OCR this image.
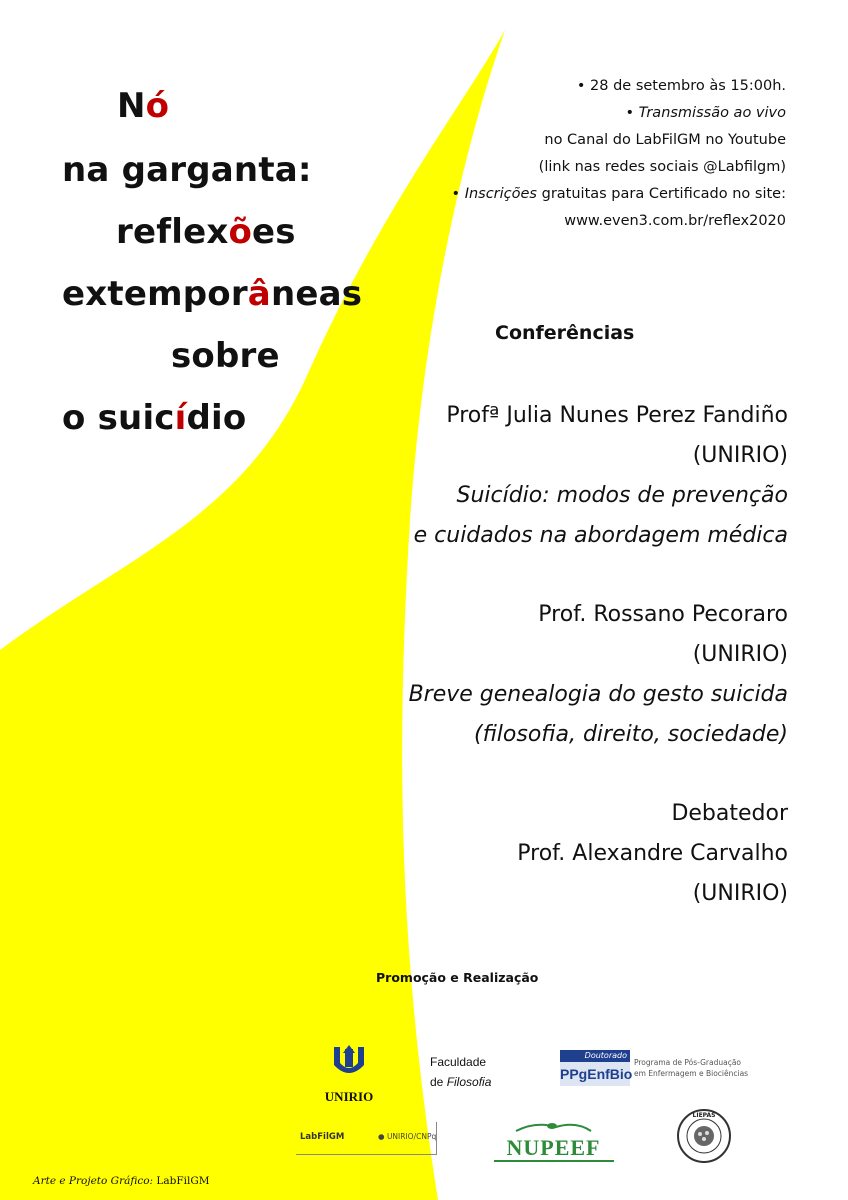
Nó
na garganta:
reflexões
extemporâneas
sobre
o suicídio
• 28 de setembro às 15:00h.
• Transmissão ao vivo
no Canal do LabFilGM no Youtube
(link nas redes sociais @Labfilgm)
• Inscrições gratuitas para Certificado no site:
www.even3.com.br/reflex2020
Conferências
Profª Julia Nunes Perez Fandiño
(UNIRIO)
Suicídio: modos de prevenção
e cuidados na abordagem médica
Prof. Rossano Pecoraro
(UNIRIO)
Breve genealogia do gesto suicida
(filosofia, direito, sociedade)
Debatedor
Prof. Alexandre Carvalho
(UNIRIO)
Promoção e Realização
UNIRIO
Faculdade
de Filosofia
Doutorado
PPgEnfBio
Programa de Pós-Graduação
em Enfermagem e Biociências
LabFilGM	● UNIRIO/CNPq	NUPEEF
LIEPAS
Arte e Projeto Gráfico: LabFilGM
